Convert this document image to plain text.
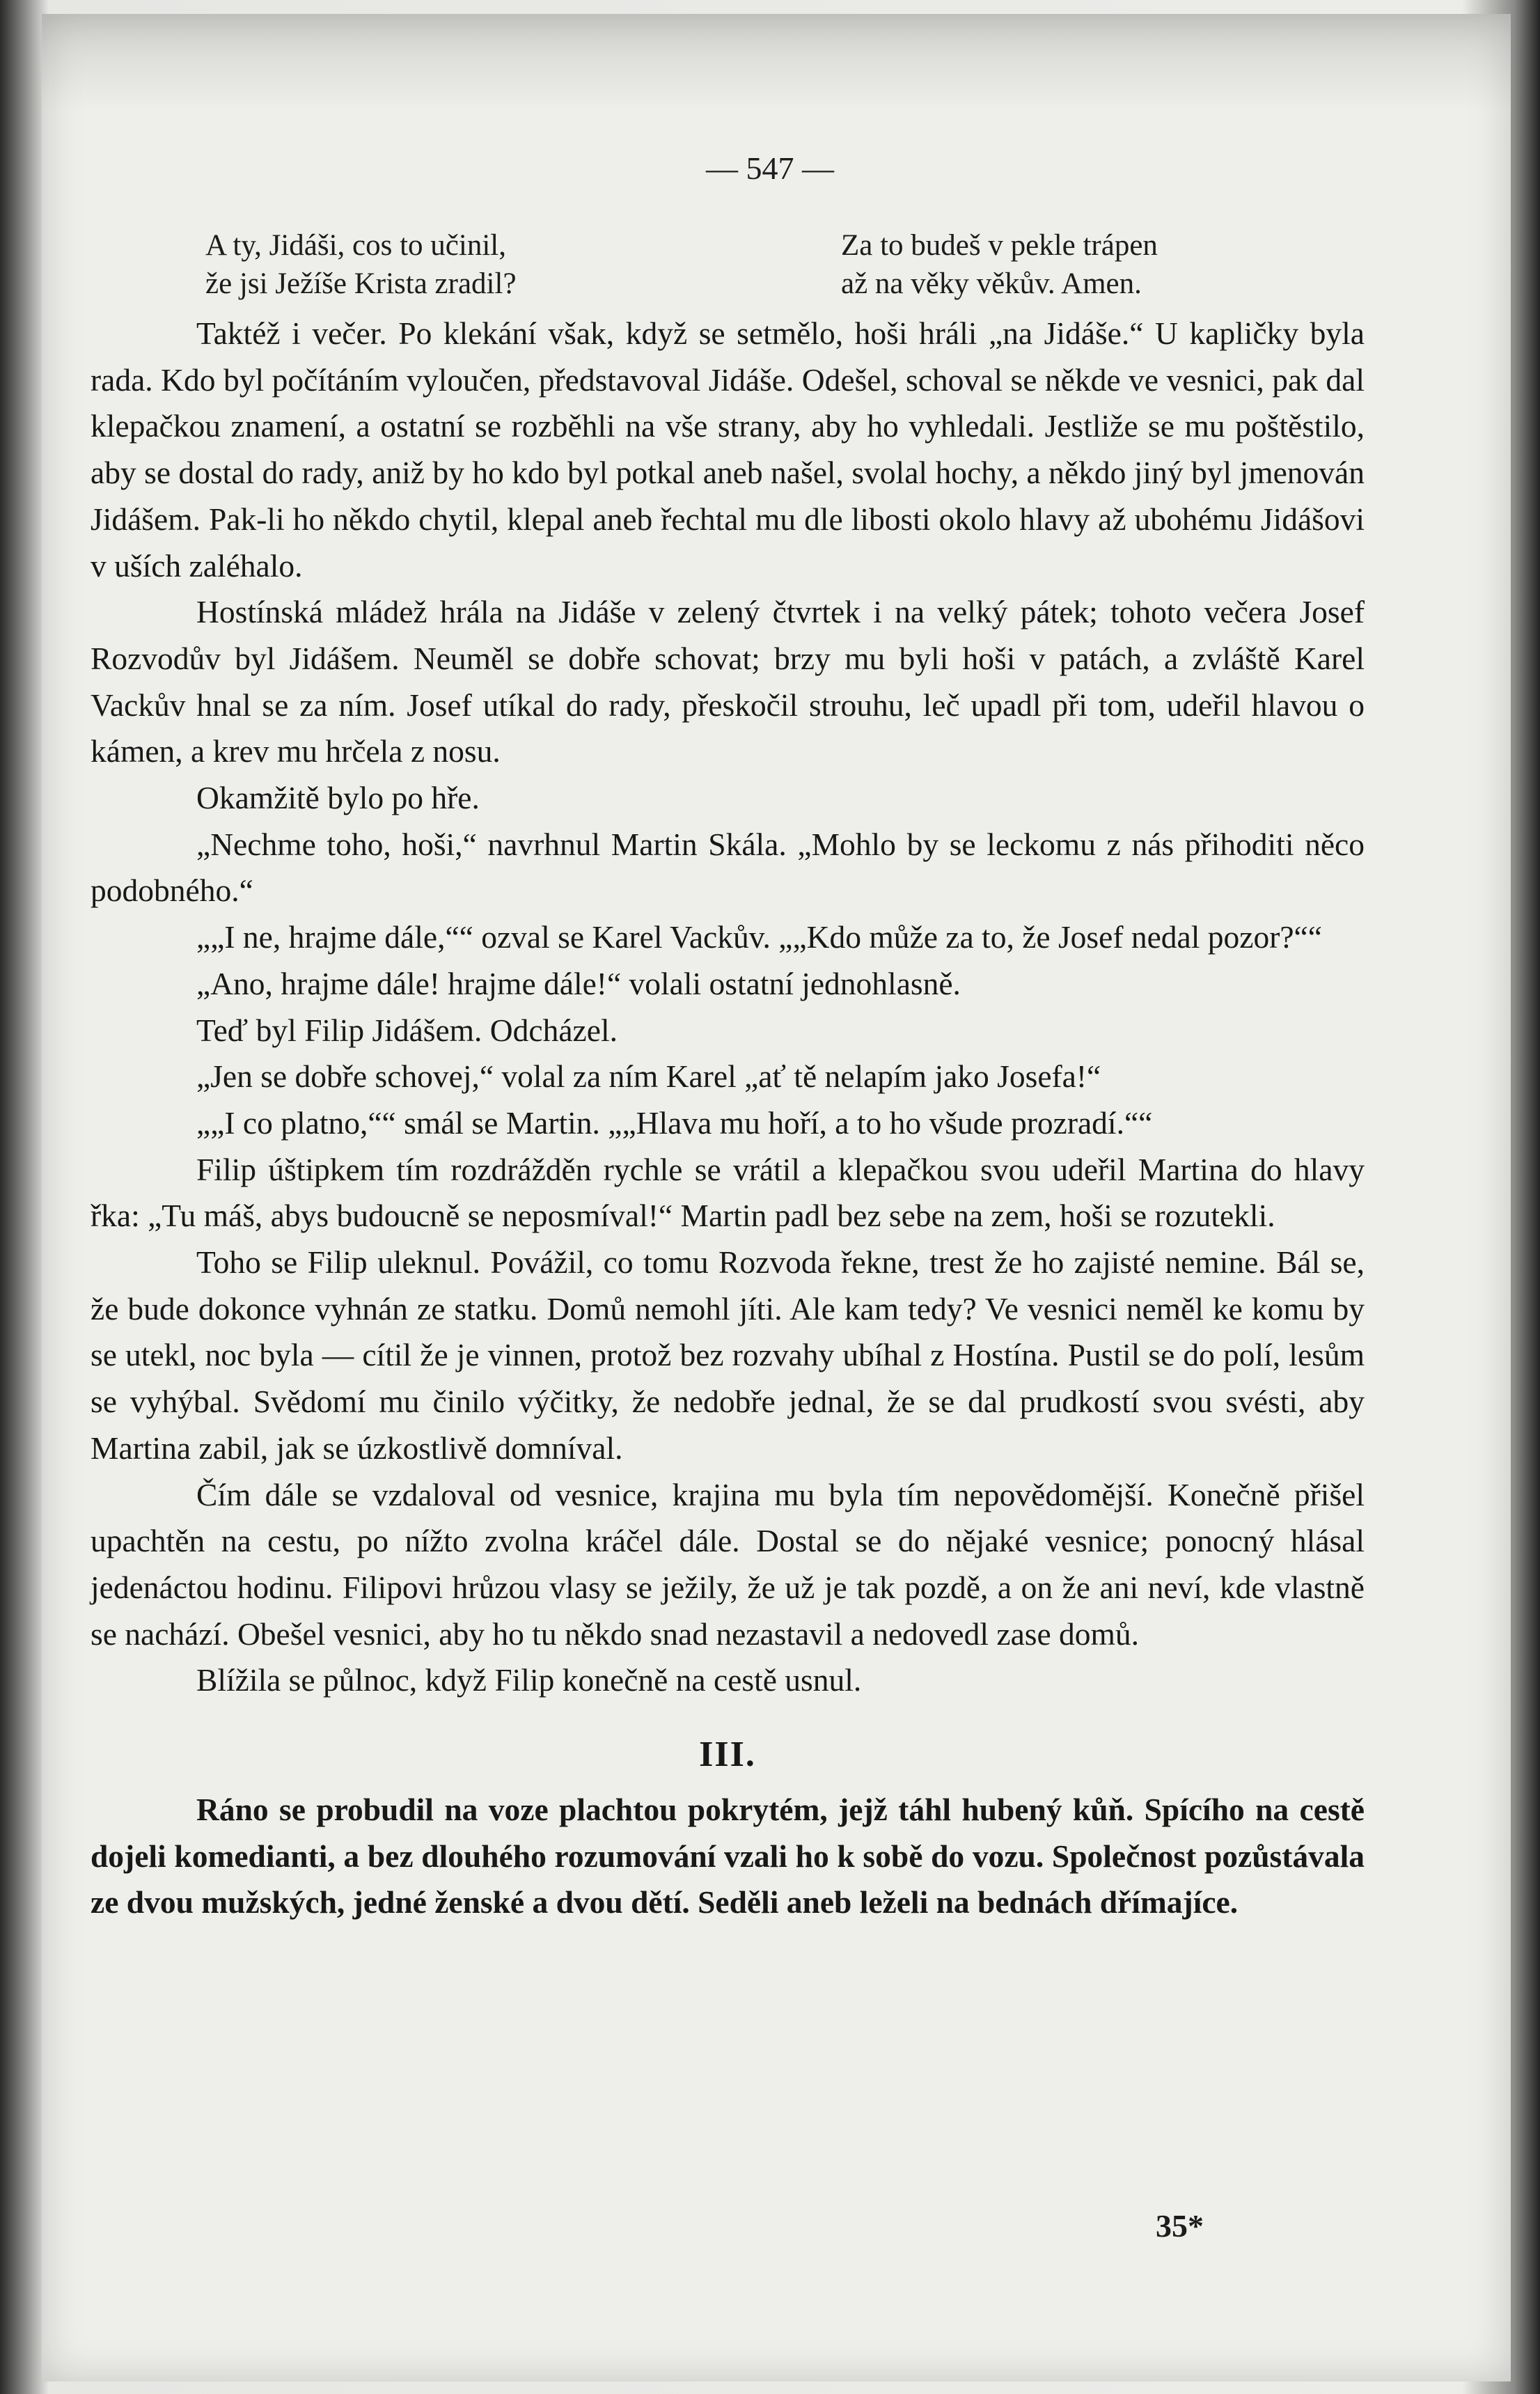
— 547 —
A ty, Jidáši, cos to učinil,
že jsi Ježíše Krista zradil?
Za to budeš v pekle trápen
až na věky věkův. Amen.

Taktéž i večer. Po klekání však, když se setmělo, hoši hráli „na Jidáše.“ U kapličky byla rada. Kdo byl počítáním vyloučen, představoval Jidáše. Odešel, schoval se někde ve vesnici, pak dal klepačkou znamení, a ostatní se rozběhli na vše strany, aby ho vyhledali. Jestliže se mu poštěstilo, aby se dostal do rady, aniž by ho kdo byl potkal aneb našel, svolal hochy, a někdo jiný byl jmenován Jidášem. Pak-li ho někdo chytil, klepal aneb řechtal mu dle libosti okolo hlavy až ubohému Jidášovi v uších zaléhalo.

Hostínská mládež hrála na Jidáše v zelený čtvrtek i na velký pátek; tohoto večera Josef Rozvodův byl Jidášem. Neuměl se dobře schovat; brzy mu byli hoši v patách, a zvláště Karel Vackův hnal se za ním. Josef utíkal do rady, přeskočil strouhu, leč upadl při tom, udeřil hlavou o kámen, a krev mu hrčela z nosu.

Okamžitě bylo po hře.

„Nechme toho, hoši,“ navrhnul Martin Skála. „Mohlo by se leckomu z nás přihoditi něco podobného.“

„„I ne, hrajme dále,““ ozval se Karel Vackův. „„Kdo může za to, že Josef nedal pozor?““

„Ano, hrajme dále! hrajme dále!“ volali ostatní jednohlasně.

Teď byl Filip Jidášem. Odcházel.

„Jen se dobře schovej,“ volal za ním Karel „ať tě nelapím jako Josefa!“

„„I co platno,““ smál se Martin. „„Hlava mu hoří, a to ho všude prozradí.““

Filip úštipkem tím rozdrážděn rychle se vrátil a klepačkou svou udeřil Martina do hlavy řka: „Tu máš, abys budoucně se neposmíval!“ Martin padl bez sebe na zem, hoši se rozutekli.

Toho se Filip uleknul. Povážil, co tomu Rozvoda řekne, trest že ho zajisté nemine. Bál se, že bude dokonce vyhnán ze statku. Domů nemohl jíti. Ale kam tedy? Ve vesnici neměl ke komu by se utekl, noc byla — cítil že je vinnen, protož bez rozvahy ubíhal z Hostína. Pustil se do polí, lesům se vyhýbal. Svědomí mu činilo výčitky, že nedobře jednal, že se dal prudkostí svou svésti, aby Martina zabil, jak se úzkostlivě domníval.

Čím dále se vzdaloval od vesnice, krajina mu byla tím nepovědomější. Konečně přišel upachtěn na cestu, po nížto zvolna kráčel dále. Dostal se do nějaké vesnice; ponocný hlásal jedenáctou hodinu. Filipovi hrůzou vlasy se ježily, že už je tak pozdě, a on že ani neví, kde vlastně se nachází. Obešel vesnici, aby ho tu někdo snad nezastavil a nedovedl zase domů.

Blížila se půlnoc, když Filip konečně na cestě usnul.

III.

Ráno se probudil na voze plachtou pokrytém, jejž táhl hubený kůň. Spícího na cestě dojeli komedianti, a bez dlouhého rozumování vzali ho k sobě do vozu. Společnost pozůstávala ze dvou mužských, jedné ženské a dvou dětí. Seděli aneb leželi na bednách dřímajíce.

35*
